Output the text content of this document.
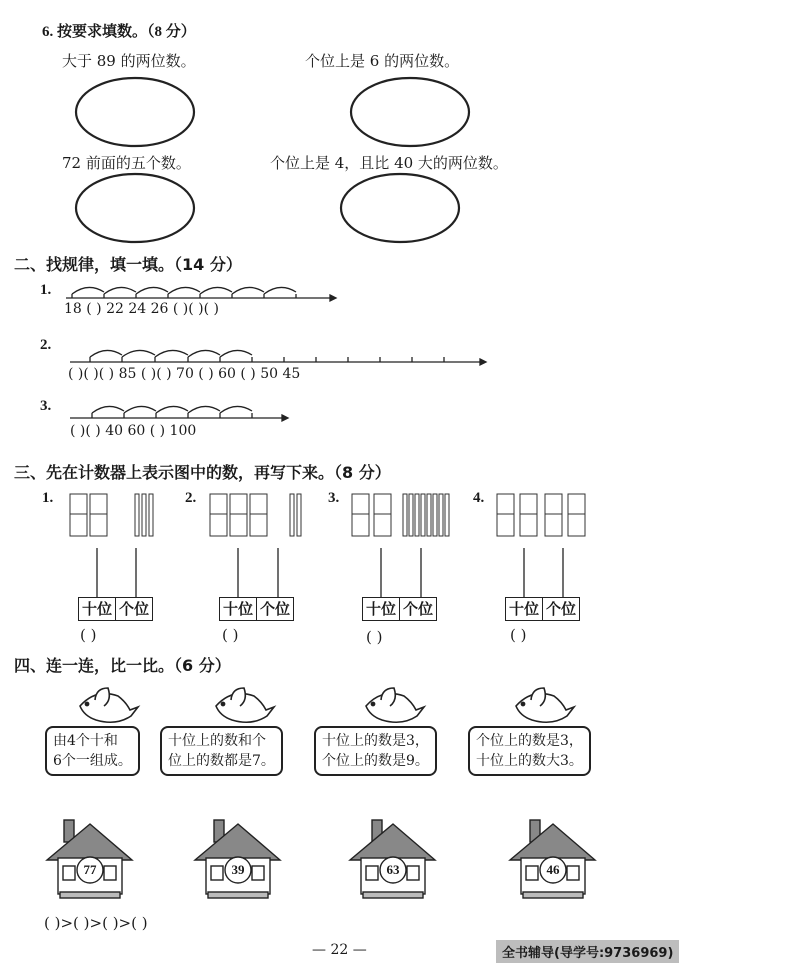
6. 按要求填数。（8 分）
大于 89 的两位数。	个位上是 6 的两位数。
72 前面的五个数。	个位上是 4，且比 40 大的两位数。
二、找规律，填一填。（14 分）
1.
18 ( ) 22 24 26 ( )( )( )
2.
( )( )( ) 85 ( )( ) 70 ( ) 60 ( ) 50 45
3.
( )( ) 40 60 ( ) 100
三、先在计数器上表示图中的数，再写下来。（8 分）
1.	2.	3.	4.
十位 个位	十位 个位	十位 个位	十位 个位
( )	( )	( )	( )
四、连一连，比一比。（6 分）
由4个十和
6个一组成。
十位上的数和个
位上的数都是7。
十位上的数是3，
个位上的数是9。
个位上的数是3，
十位上的数大3。
77	39	63	46
( )>( )>( )>( )
— 22 —	全书辅导(导学号:9736969)
